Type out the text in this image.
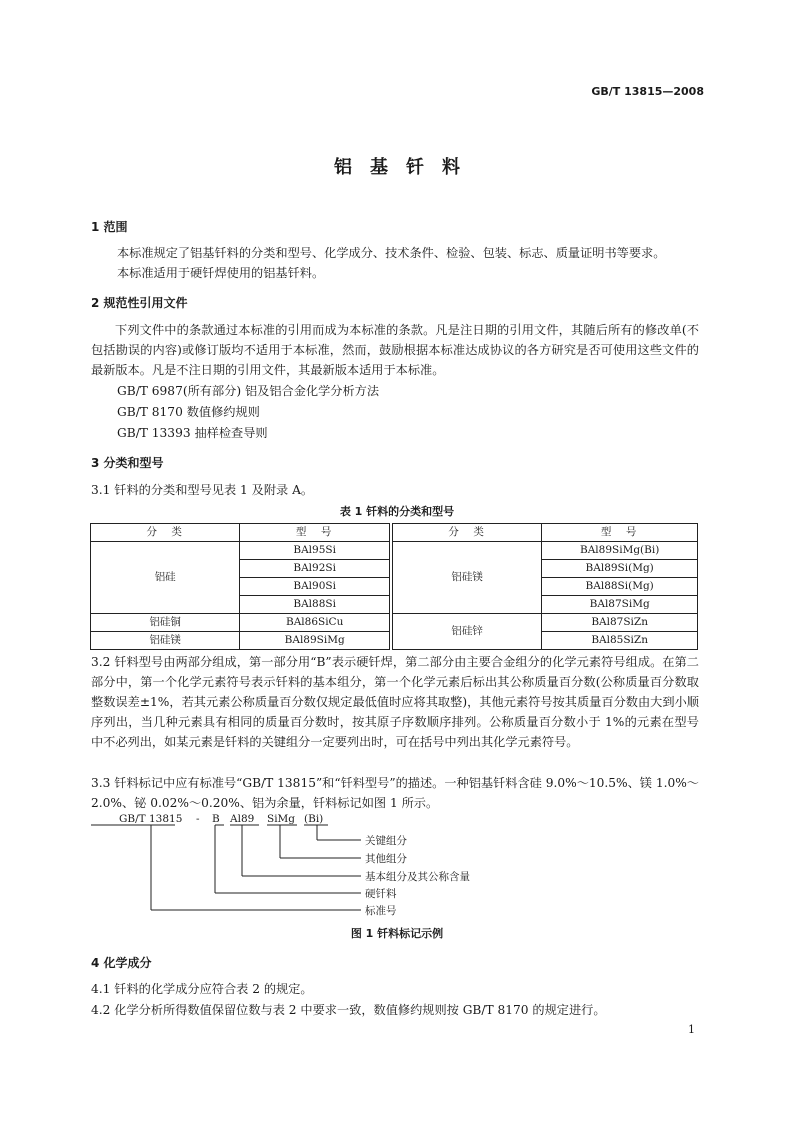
GB/T 13815—2008
铝基钎料
1 范围
本标准规定了铝基钎料的分类和型号、化学成分、技术条件、检验、包装、标志、质量证明书等要求。
本标准适用于硬钎焊使用的铝基钎料。
2 规范性引用文件
下列文件中的条款通过本标准的引用而成为本标准的条款。凡是注日期的引用文件，其随后所有的修改单(不包括勘误的内容)或修订版均不适用于本标准，然而，鼓励根据本标准达成协议的各方研究是否可使用这些文件的最新版本。凡是不注日期的引用文件，其最新版本适用于本标准。
GB/T 6987(所有部分) 铝及铝合金化学分析方法
GB/T 8170 数值修约规则
GB/T 13393 抽样检查导则
3 分类和型号
3.1 钎料的分类和型号见表 1 及附录 A。
表 1 钎料的分类和型号
分　类	型　号		分　类	型　号
铝硅	BAl95Si		铝硅镁	BAl89SiMg(Bi)
	BAl92Si			BAl89Si(Mg)
	BAl90Si			BAl88Si(Mg)
	BAl88Si			BAl87SiMg
铝硅铜	BAl86SiCu		铝硅锌	BAl87SiZn
铝硅镁	BAl89SiMg			BAl85SiZn
3.2 钎料型号由两部分组成，第一部分用“B”表示硬钎焊，第二部分由主要合金组分的化学元素符号组成。在第二部分中，第一个化学元素符号表示钎料的基本组分，第一个化学元素后标出其公称质量百分数(公称质量百分数取整数误差±1%，若其元素公称质量百分数仅规定最低值时应将其取整)，其他元素符号按其质量百分数由大到小顺序列出，当几种元素具有相同的质量百分数时，按其原子序数顺序排列。公称质量百分数小于 1%的元素在型号中不必列出，如某元素是钎料的关键组分一定要列出时，可在括号中列出其化学元素符号。
3.3 钎料标记中应有标准号“GB/T 13815”和“钎料型号”的描述。一种铝基钎料含硅 9.0%～10.5%、镁 1.0%～2.0%、铋 0.02%～0.20%、铝为余量，钎料标记如图 1 所示。
GB/T 13815 - B Al89 SiMg (Bi)
关键组分
其他组分
基本组分及其公称含量
硬钎料
标准号
图 1 钎料标记示例
4 化学成分
4.1 钎料的化学成分应符合表 2 的规定。
4.2 化学分析所得数值保留位数与表 2 中要求一致，数值修约规则按 GB/T 8170 的规定进行。
1
